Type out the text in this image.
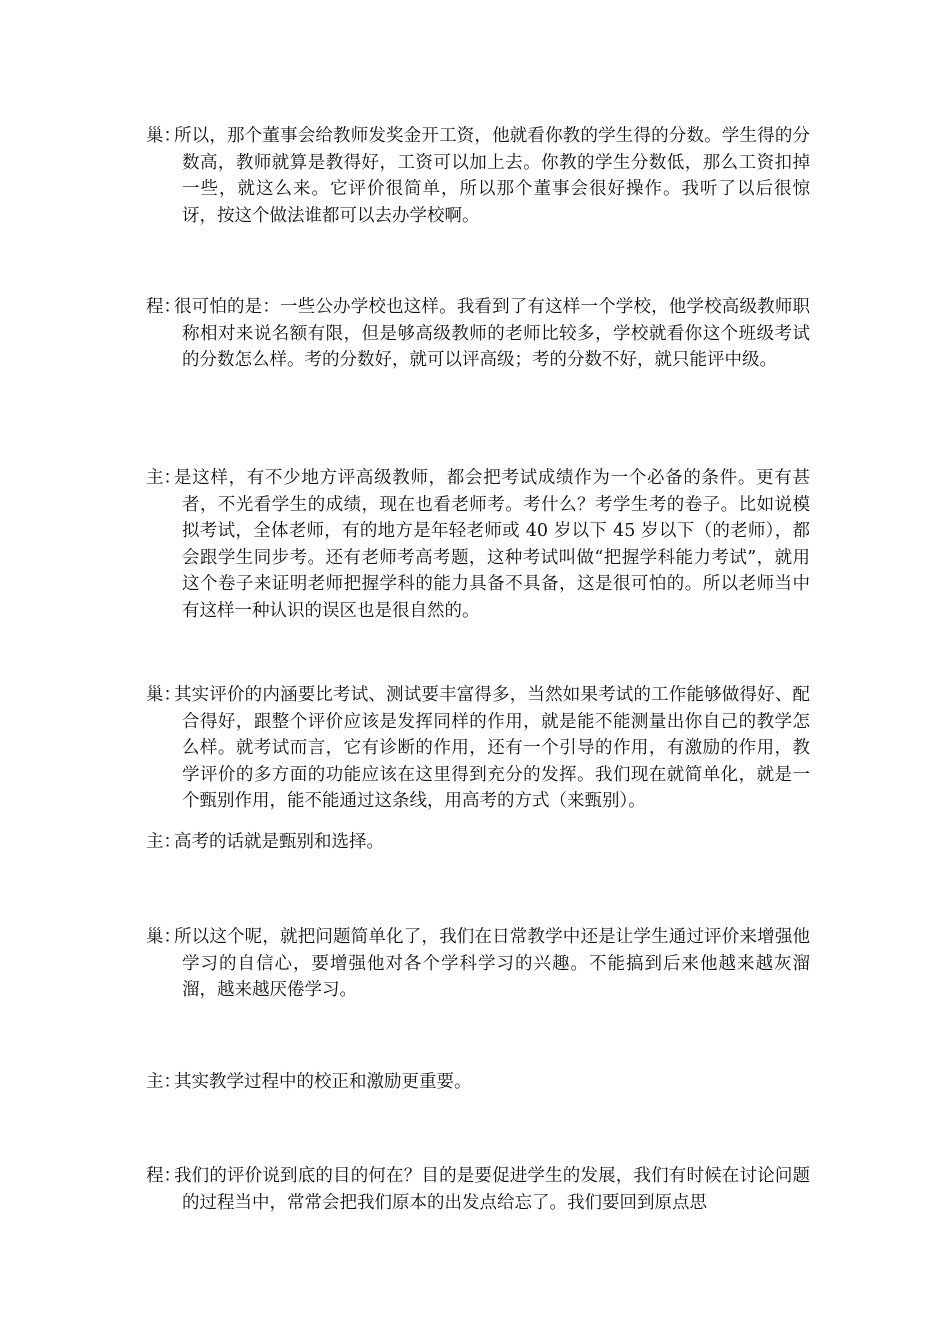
巢：
所以，那个董事会给教师发奖金开工资，他就看你教的学生得的分数。学生得的分数高，教师就算是教得好，工资可以加上去。你教的学生分数低，那么工资扣掉一些，就这么来。它评价很简单，所以那个董事会很好操作。我听了以后很惊讶，按这个做法谁都可以去办学校啊。
程：
很可怕的是：一些公办学校也这样。我看到了有这样一个学校，他学校高级教师职称相对来说名额有限，但是够高级教师的老师比较多，学校就看你这个班级考试的分数怎么样。考的分数好，就可以评高级；考的分数不好，就只能评中级。
主：
是这样，有不少地方评高级教师，都会把考试成绩作为一个必备的条件。更有甚者，不光看学生的成绩，现在也看老师考。考什么？考学生考的卷子。比如说模拟考试，全体老师，有的地方是年轻老师或 40 岁以下 45 岁以下（的老师），都会跟学生同步考。还有老师考高考题，这种考试叫做“把握学科能力考试”，就用这个卷子来证明老师把握学科的能力具备不具备，这是很可怕的。所以老师当中有这样一种认识的误区也是很自然的。
巢：
其实评价的内涵要比考试、测试要丰富得多，当然如果考试的工作能够做得好、配合得好，跟整个评价应该是发挥同样的作用，就是能不能测量出你自己的教学怎么样。就考试而言，它有诊断的作用，还有一个引导的作用，有激励的作用，教学评价的多方面的功能应该在这里得到充分的发挥。我们现在就简单化，就是一个甄别作用，能不能通过这条线，用高考的方式（来甄别）。
主：
高考的话就是甄别和选择。
巢：
所以这个呢，就把问题简单化了，我们在日常教学中还是让学生通过评价来增强他学习的自信心，要增强他对各个学科学习的兴趣。不能搞到后来他越来越灰溜溜，越来越厌倦学习。
主：
其实教学过程中的校正和激励更重要。
程：
我们的评价说到底的目的何在？目的是要促进学生的发展，我们有时候在讨论问题的过程当中，常常会把我们原本的出发点给忘了。我们要回到原点思
